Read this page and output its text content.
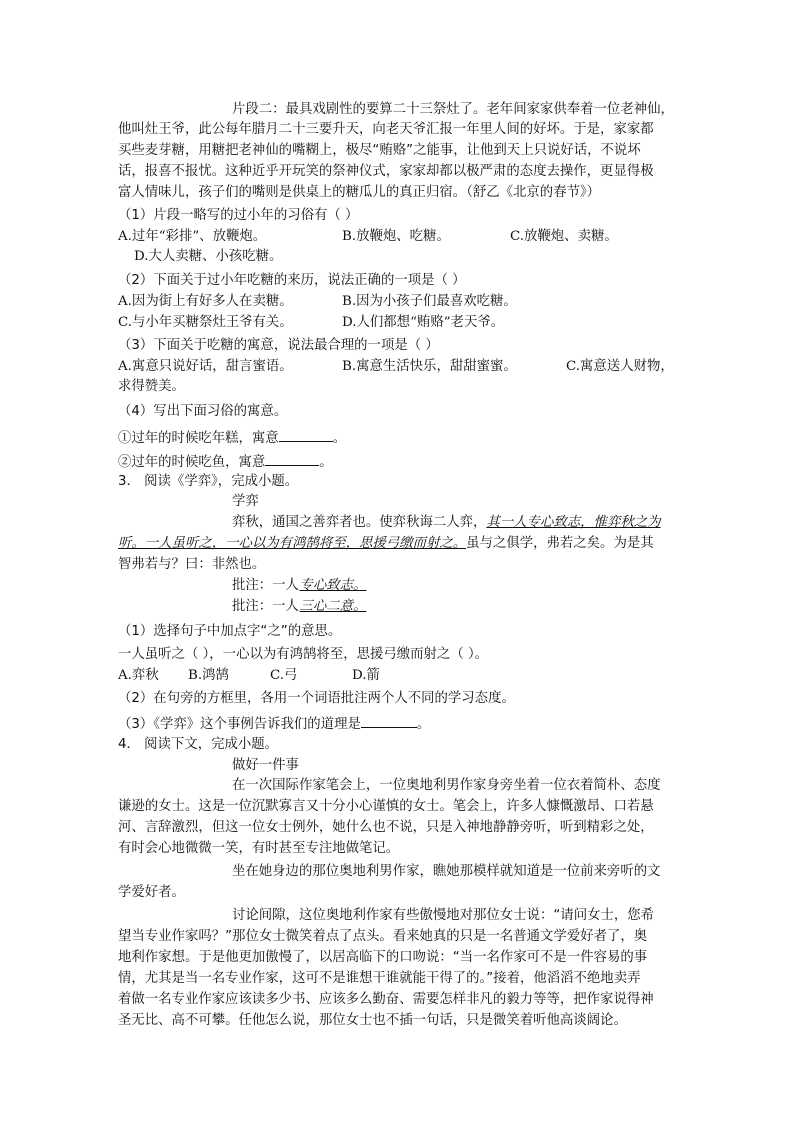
片段二：最具戏剧性的要算二十三祭灶了。老年间家家供奉着一位老神仙，
他叫灶王爷，此公每年腊月二十三要升天，向老天爷汇报一年里人间的好坏。于是，家家都
买些麦芽糖，用糖把老神仙的嘴糊上，极尽“贿赂”之能事，让他到天上只说好话，不说坏
话，报喜不报忧。这种近乎开玩笑的祭神仪式，家家却都以极严肃的态度去操作，更显得极
富人情味儿，孩子们的嘴则是供桌上的糖瓜儿的真正归宿。（舒乙《北京的春节》）
（1）片段一略写的过小年的习俗有（ ）
A.过年“彩排”、放鞭炮。	B.放鞭炮、吃糖。	C.放鞭炮、卖糖。
D.大人卖糖、小孩吃糖。
（2）下面关于过小年吃糖的来历，说法正确的一项是（ ）
A.因为街上有好多人在卖糖。	B.因为小孩子们最喜欢吃糖。
C.与小年买糖祭灶王爷有关。	D.人们都想“贿赂”老天爷。
（3）下面关于吃糖的寓意，说法最合理的一项是（ ）
A.寓意只说好话，甜言蜜语。	B.寓意生活快乐，甜甜蜜蜜。	C.寓意送人财物，
求得赞美。
（4）写出下面习俗的寓意。
①过年的时候吃年糕，寓意	。
②过年的时候吃鱼，寓意	。
3． 阅读《学弈》，完成小题。
学弈
弈秋，通国之善弈者也。使弈秋诲二人弈，其一人专心致志，惟弈秋之为
听。一人虽听之，一心以为有鸿鹄将至，思援弓缴而射之。虽与之俱学，弗若之矣。为是其
智弗若与？曰：非然也。
批注：一人专心致志。
批注：一人三心二意。
（1）选择句子中加点字“之”的意思。
一人虽听之（ ），一心以为有鸿鹄将至，思援弓缴而射之（ ）。
A.弈秋 B.鸿鹄	C.弓	D.箭
（2）在句旁的方框里，各用一个词语批注两个人不同的学习态度。
（3）《学弈》这个事例告诉我们的道理是	。
4． 阅读下文，完成小题。
做好一件事
在一次国际作家笔会上，一位奥地利男作家身旁坐着一位衣着简朴、态度
谦逊的女士。这是一位沉默寡言又十分小心谨慎的女士。笔会上，许多人慷慨激昂、口若悬
河、言辞激烈，但这一位女士例外，她什么也不说，只是入神地静静旁听，听到精彩之处，
有时会心地微微一笑，有时甚至专注地做笔记。
坐在她身边的那位奥地利男作家，瞧她那模样就知道是一位前来旁听的文
学爱好者。
讨论间隙，这位奥地利作家有些傲慢地对那位女士说：“请问女士，您希
望当专业作家吗？”那位女士微笑着点了点头。看来她真的只是一名普通文学爱好者了，奥
地利作家想。于是他更加傲慢了，以居高临下的口吻说：“当一名作家可不是一件容易的事
情，尤其是当一名专业作家，这可不是谁想干谁就能干得了的。”接着，他滔滔不绝地卖弄
着做一名专业作家应该读多少书、应该多么勤奋、需要怎样非凡的毅力等等，把作家说得神
圣无比、高不可攀。任他怎么说，那位女士也不插一句话，只是微笑着听他高谈阔论。
